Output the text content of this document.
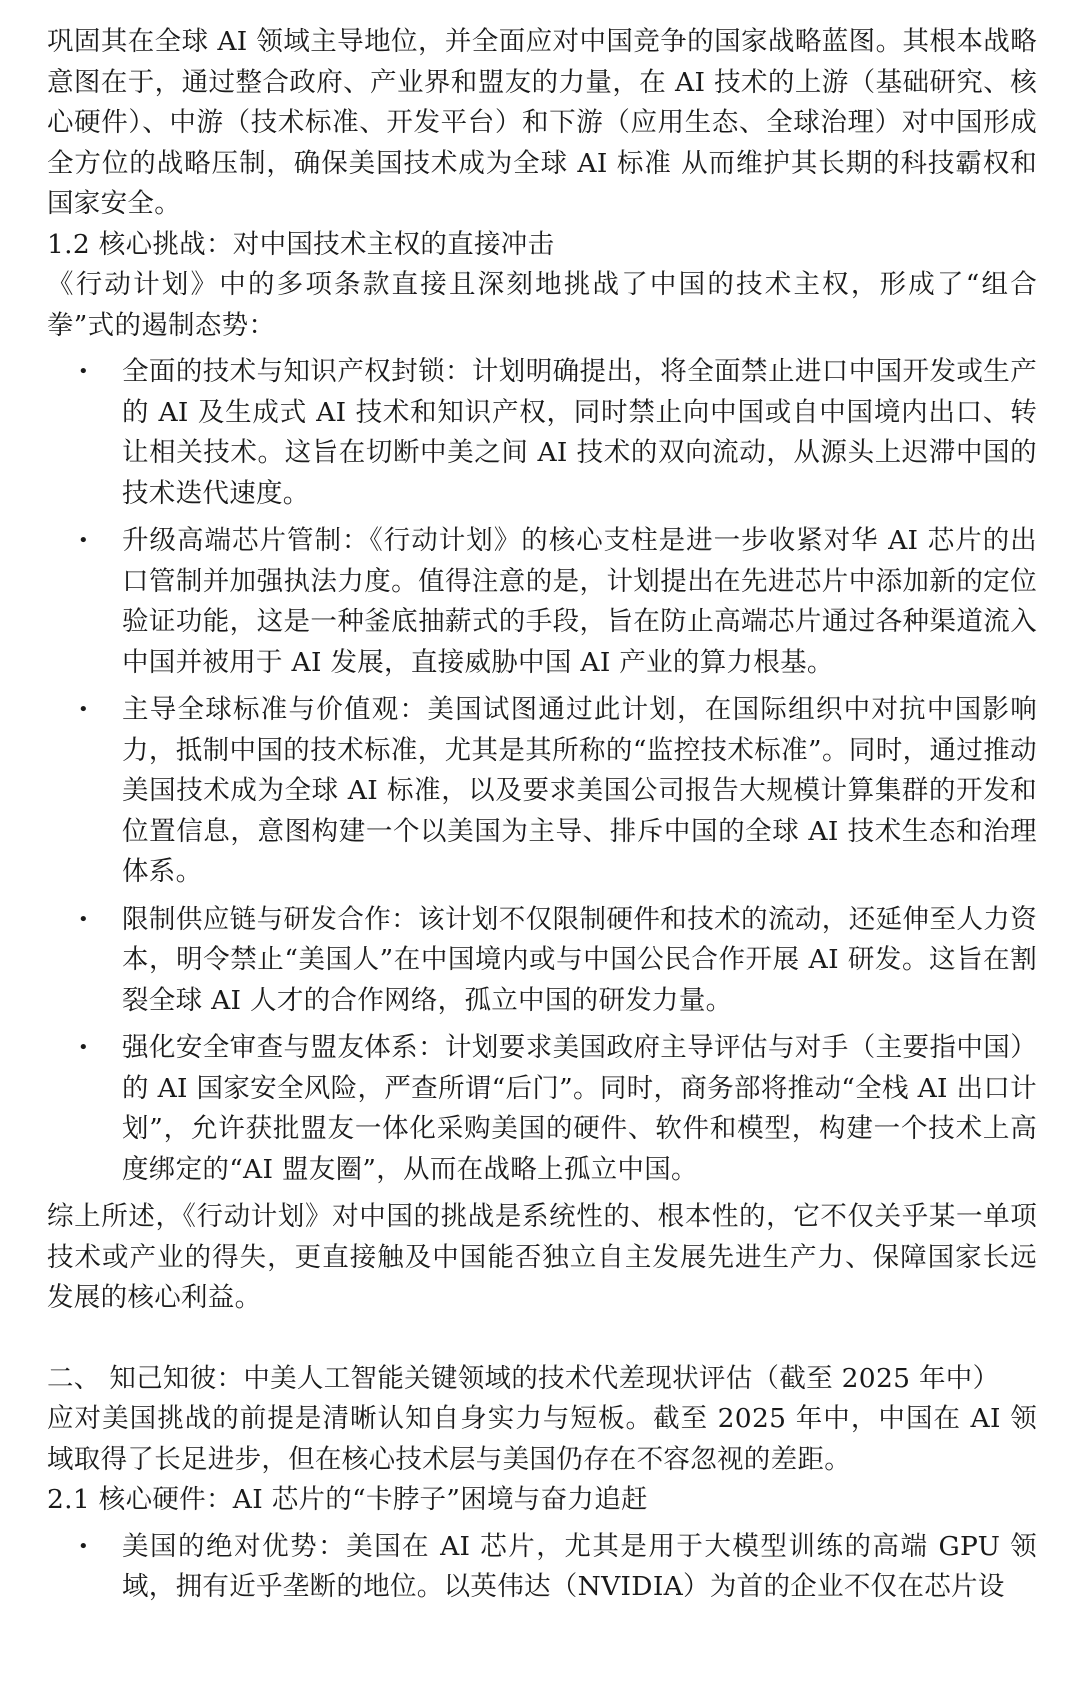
巩固其在全球 AI 领域主导地位，并全面应对中国竞争的国家战略蓝图。其根本战略意图在于，通过整合政府、产业界和盟友的力量，在 AI 技术的上游（基础研究、核心硬件）、中游（技术标准、开发平台）和下游（应用生态、全球治理）对中国形成全方位的战略压制，确保美国技术成为全球 AI 标准 从而维护其长期的科技霸权和国家安全。

1.2 核心挑战：对中国技术主权的直接冲击

《行动计划》中的多项条款直接且深刻地挑战了中国的技术主权，形成了“组合拳”式的遏制态势：

• 全面的技术与知识产权封锁：计划明确提出，将全面禁止进口中国开发或生产的 AI 及生成式 AI 技术和知识产权，同时禁止向中国或自中国境内出口、转让相关技术。这旨在切断中美之间 AI 技术的双向流动，从源头上迟滞中国的技术迭代速度。
• 升级高端芯片管制：《行动计划》的核心支柱是进一步收紧对华 AI 芯片的出口管制并加强执法力度。值得注意的是，计划提出在先进芯片中添加新的定位验证功能，这是一种釜底抽薪式的手段，旨在防止高端芯片通过各种渠道流入中国并被用于 AI 发展，直接威胁中国 AI 产业的算力根基。
• 主导全球标准与价值观：美国试图通过此计划，在国际组织中对抗中国影响力，抵制中国的技术标准，尤其是其所称的“监控技术标准”。同时，通过推动美国技术成为全球 AI 标准，以及要求美国公司报告大规模计算集群的开发和位置信息，意图构建一个以美国为主导、排斥中国的全球 AI 技术生态和治理体系。
• 限制供应链与研发合作：该计划不仅限制硬件和技术的流动，还延伸至人力资本，明令禁止“美国人”在中国境内或与中国公民合作开展 AI 研发。这旨在割裂全球 AI 人才的合作网络，孤立中国的研发力量。
• 强化安全审查与盟友体系：计划要求美国政府主导评估与对手（主要指中国）的 AI 国家安全风险，严查所谓“后门”。同时，商务部将推动“全栈 AI 出口计划”，允许获批盟友一体化采购美国的硬件、软件和模型，构建一个技术上高度绑定的“AI 盟友圈”，从而在战略上孤立中国。

综上所述，《行动计划》对中国的挑战是系统性的、根本性的，它不仅关乎某一单项技术或产业的得失，更直接触及中国能否独立自主发展先进生产力、保障国家长远发展的核心利益。

二、 知己知彼：中美人工智能关键领域的技术代差现状评估（截至 2025 年中）

应对美国挑战的前提是清晰认知自身实力与短板。截至 2025 年中，中国在 AI 领域取得了长足进步，但在核心技术层与美国仍存在不容忽视的差距。

2.1 核心硬件：AI 芯片的“卡脖子”困境与奋力追赶

• 美国的绝对优势：美国在 AI 芯片，尤其是用于大模型训练的高端 GPU 领域，拥有近乎垄断的地位。以英伟达（NVIDIA）为首的企业不仅在芯片设
